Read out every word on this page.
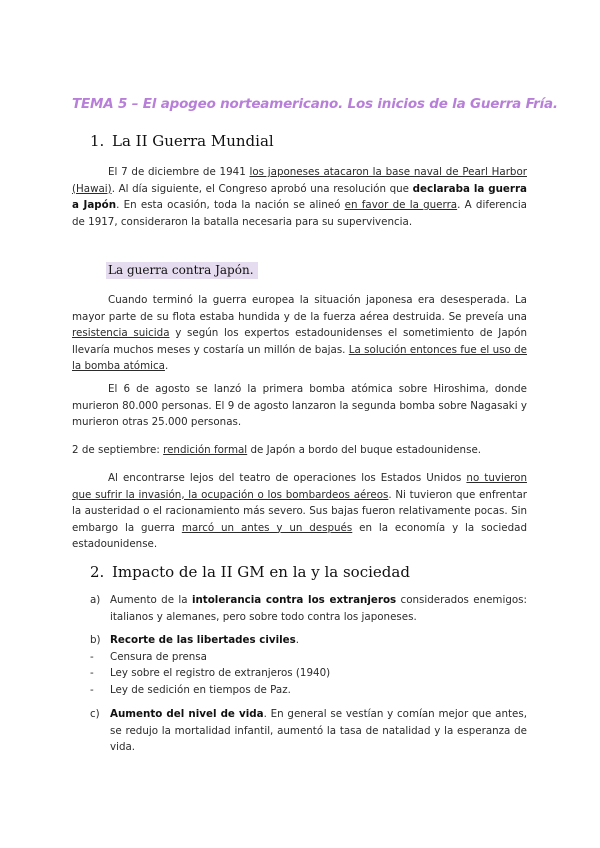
TEMA 5 – El apogeo norteamericano. Los inicios de la Guerra Fría.
1. La II Guerra Mundial
El 7 de diciembre de 1941 los japoneses atacaron la base naval de Pearl Harbor (Hawai). Al día siguiente, el Congreso aprobó una resolución que declaraba la guerra a Japón. En esta ocasión, toda la nación se alineó en favor de la guerra. A diferencia de 1917, consideraron la batalla necesaria para su supervivencia.
La guerra contra Japón.
Cuando terminó la guerra europea la situación japonesa era desesperada. La mayor parte de su flota estaba hundida y de la fuerza aérea destruida. Se preveía una resistencia suicida y según los expertos estadounidenses el sometimiento de Japón llevaría muchos meses y costaría un millón de bajas. La solución entonces fue el uso de la bomba atómica.
El 6 de agosto se lanzó la primera bomba atómica sobre Hiroshima, donde murieron 80.000 personas. El 9 de agosto lanzaron la segunda bomba sobre Nagasaki y murieron otras 25.000 personas.
2 de septiembre: rendición formal de Japón a bordo del buque estadounidense.
Al encontrarse lejos del teatro de operaciones los Estados Unidos no tuvieron que sufrir la invasión, la ocupación o los bombardeos aéreos. Ni tuvieron que enfrentar la austeridad o el racionamiento más severo. Sus bajas fueron relativamente pocas. Sin embargo la guerra marcó un antes y un después en la economía y la sociedad estadounidense.
2. Impacto de la II GM en la y la sociedad
a) Aumento de la intolerancia contra los extranjeros considerados enemigos: italianos y alemanes, pero sobre todo contra los japoneses.
b) Recorte de las libertades civiles.
- Censura de prensa
- Ley sobre el registro de extranjeros (1940)
- Ley de sedición en tiempos de Paz.
c) Aumento del nivel de vida. En general se vestían y comían mejor que antes, se redujo la mortalidad infantil, aumentó la tasa de natalidad y la esperanza de vida.
